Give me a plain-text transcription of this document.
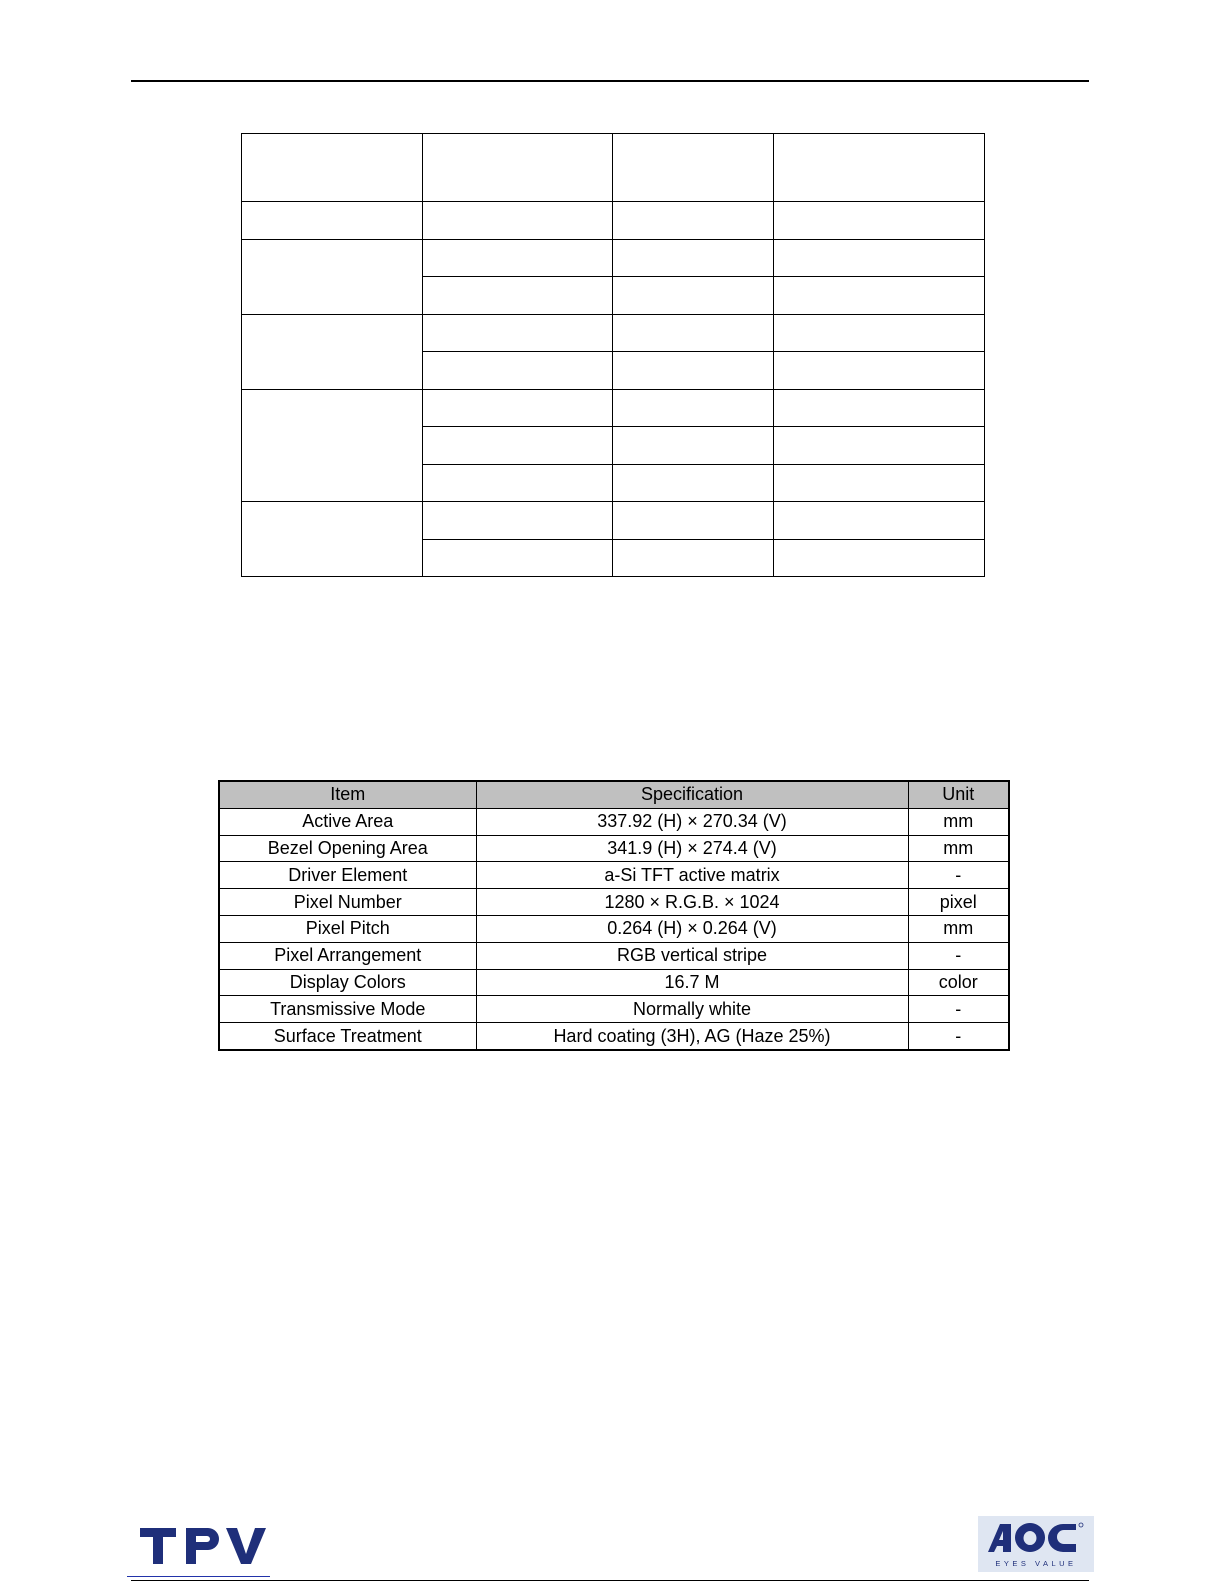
Item	Specification	Unit
Active Area	337.92 (H) × 270.34 (V)	mm
Bezel Opening Area	341.9 (H) × 274.4 (V)	mm
Driver Element	a-Si TFT active matrix	-
Pixel Number	1280 × R.G.B. × 1024	pixel
Pixel Pitch	0.264 (H) × 0.264 (V)	mm
Pixel Arrangement	RGB vertical stripe	-
Display Colors	16.7 M	color
Transmissive Mode	Normally white	-
Surface Treatment	Hard coating (3H), AG (Haze 25%)	-
EYES VALUE
